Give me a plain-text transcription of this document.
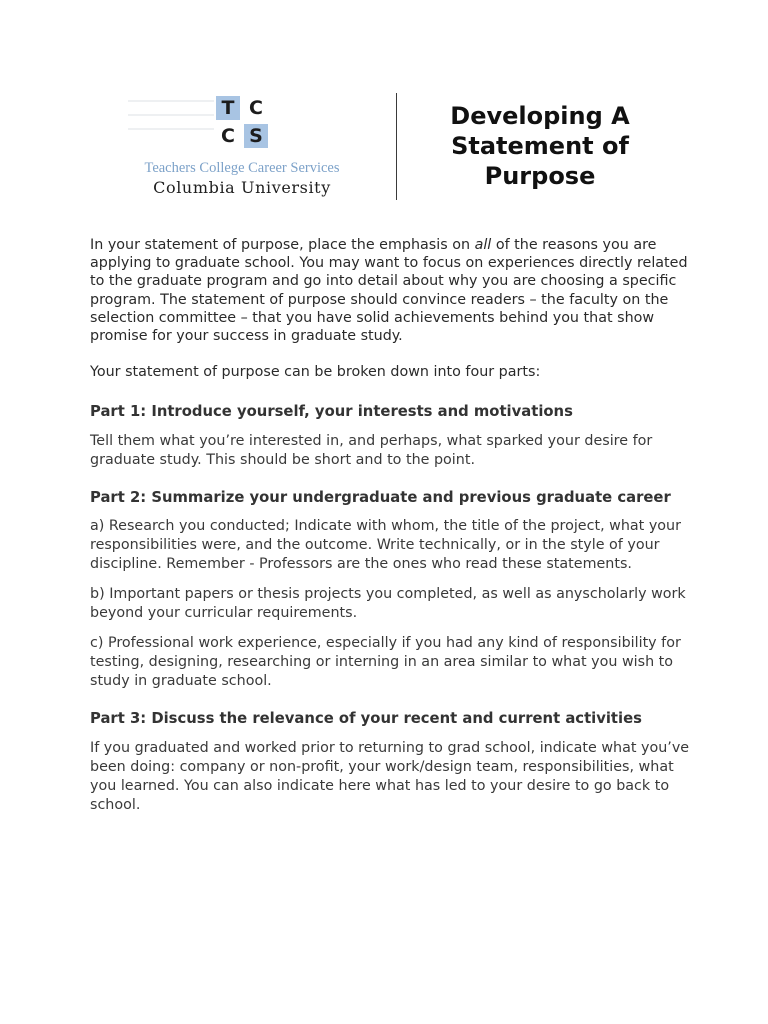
T C
C S
Teachers College Career Services
Columbia University
Developing A Statement of Purpose

In your statement of purpose, place the emphasis on all of the reasons you are applying to graduate school. You may want to focus on experiences directly related to the graduate program and go into detail about why you are choosing a specific program. The statement of purpose should convince readers – the faculty on the selection committee – that you have solid achievements behind you that show promise for your success in graduate study.

Your statement of purpose can be broken down into four parts:

Part 1: Introduce yourself, your interests and motivations

Tell them what you’re interested in, and perhaps, what sparked your desire for graduate study. This should be short and to the point.

Part 2: Summarize your undergraduate and previous graduate career

a) Research you conducted; Indicate with whom, the title of the project, what your responsibilities were, and the outcome. Write technically, or in the style of your discipline. Remember - Professors are the ones who read these statements.

b) Important papers or thesis projects you completed, as well as anyscholarly work beyond your curricular requirements.

c) Professional work experience, especially if you had any kind of responsibility for testing, designing, researching or interning in an area similar to what you wish to study in graduate school.

Part 3: Discuss the relevance of your recent and current activities

If you graduated and worked prior to returning to grad school, indicate what you’ve been doing: company or non-profit, your work/design team, responsibilities, what you learned. You can also indicate here what has led to your desire to go back to school.
